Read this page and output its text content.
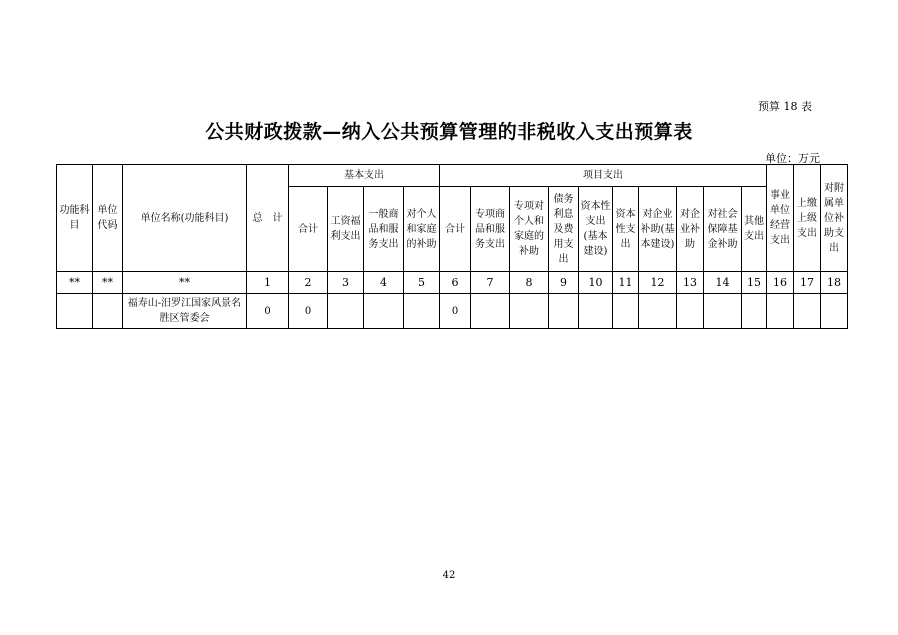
预算 18 表
公共财政拨款—纳入公共预算管理的非税收入支出预算表
单位：万元
功能科目	单位代码	单位名称(功能科目)	总　计	基本支出				项目支出										事业单位经营支出	上缴上级支出	对附属单位补助支出
				合计	工资福利支出	一般商品和服务支出	对个人和家庭的补助	合计	专项商品和服务支出	专项对个人和家庭的补助	债务利息及费用支出	资本性支出(基本建设)	资本性支出	对企业补助(基本建设)	对企业补助	对社会保障基金补助	其他支出			
**	**	**	1	2	3	4	5	6	7	8	9	10	11	12	13	14	15	16	17	18
		福寿山-汨罗江国家风景名胜区管委会	0	0				0												
42
